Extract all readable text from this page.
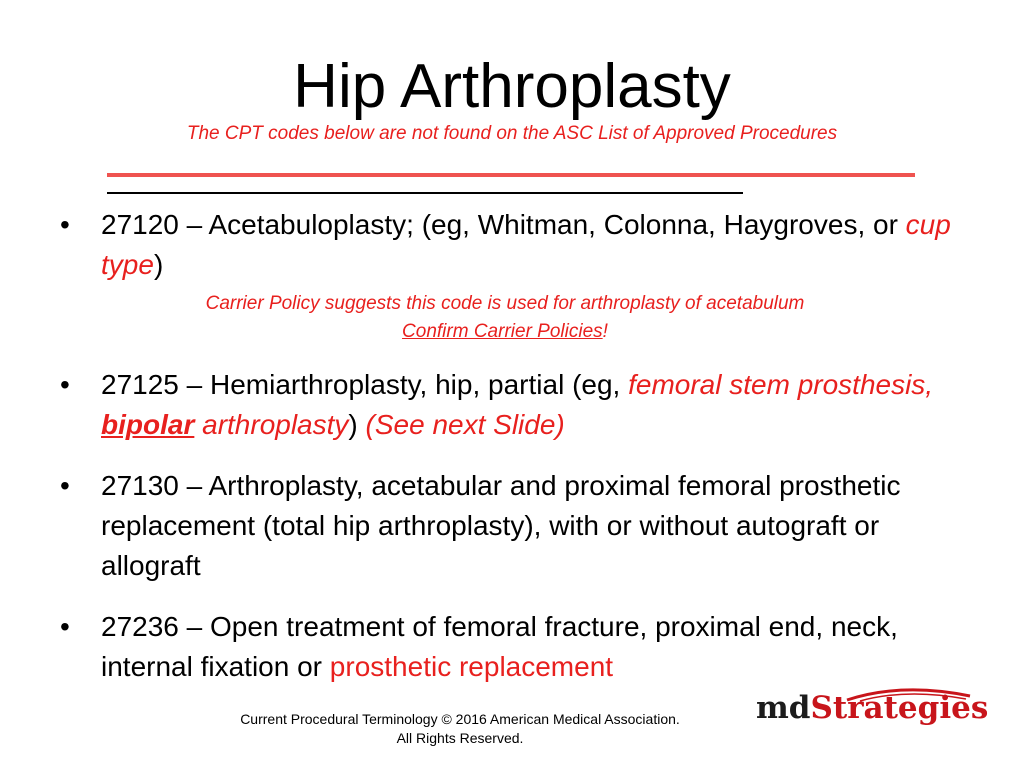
Hip Arthroplasty
The CPT codes below are not found on the ASC List of Approved Procedures
• 27120 – Acetabuloplasty; (eg, Whitman, Colonna, Haygroves, or cup type)
Carrier Policy suggests this code is used for arthroplasty of acetabulum
Confirm Carrier Policies!
• 27125 – Hemiarthroplasty, hip, partial (eg, femoral stem prosthesis, bipolar arthroplasty) (See next Slide)
• 27130 – Arthroplasty, acetabular and proximal femoral prosthetic replacement (total hip arthroplasty), with or without autograft or allograft
• 27236 – Open treatment of femoral fracture, proximal end, neck, internal fixation or prosthetic replacement
Current Procedural Terminology © 2016 American Medical Association.
All Rights Reserved.
mdStrategies
